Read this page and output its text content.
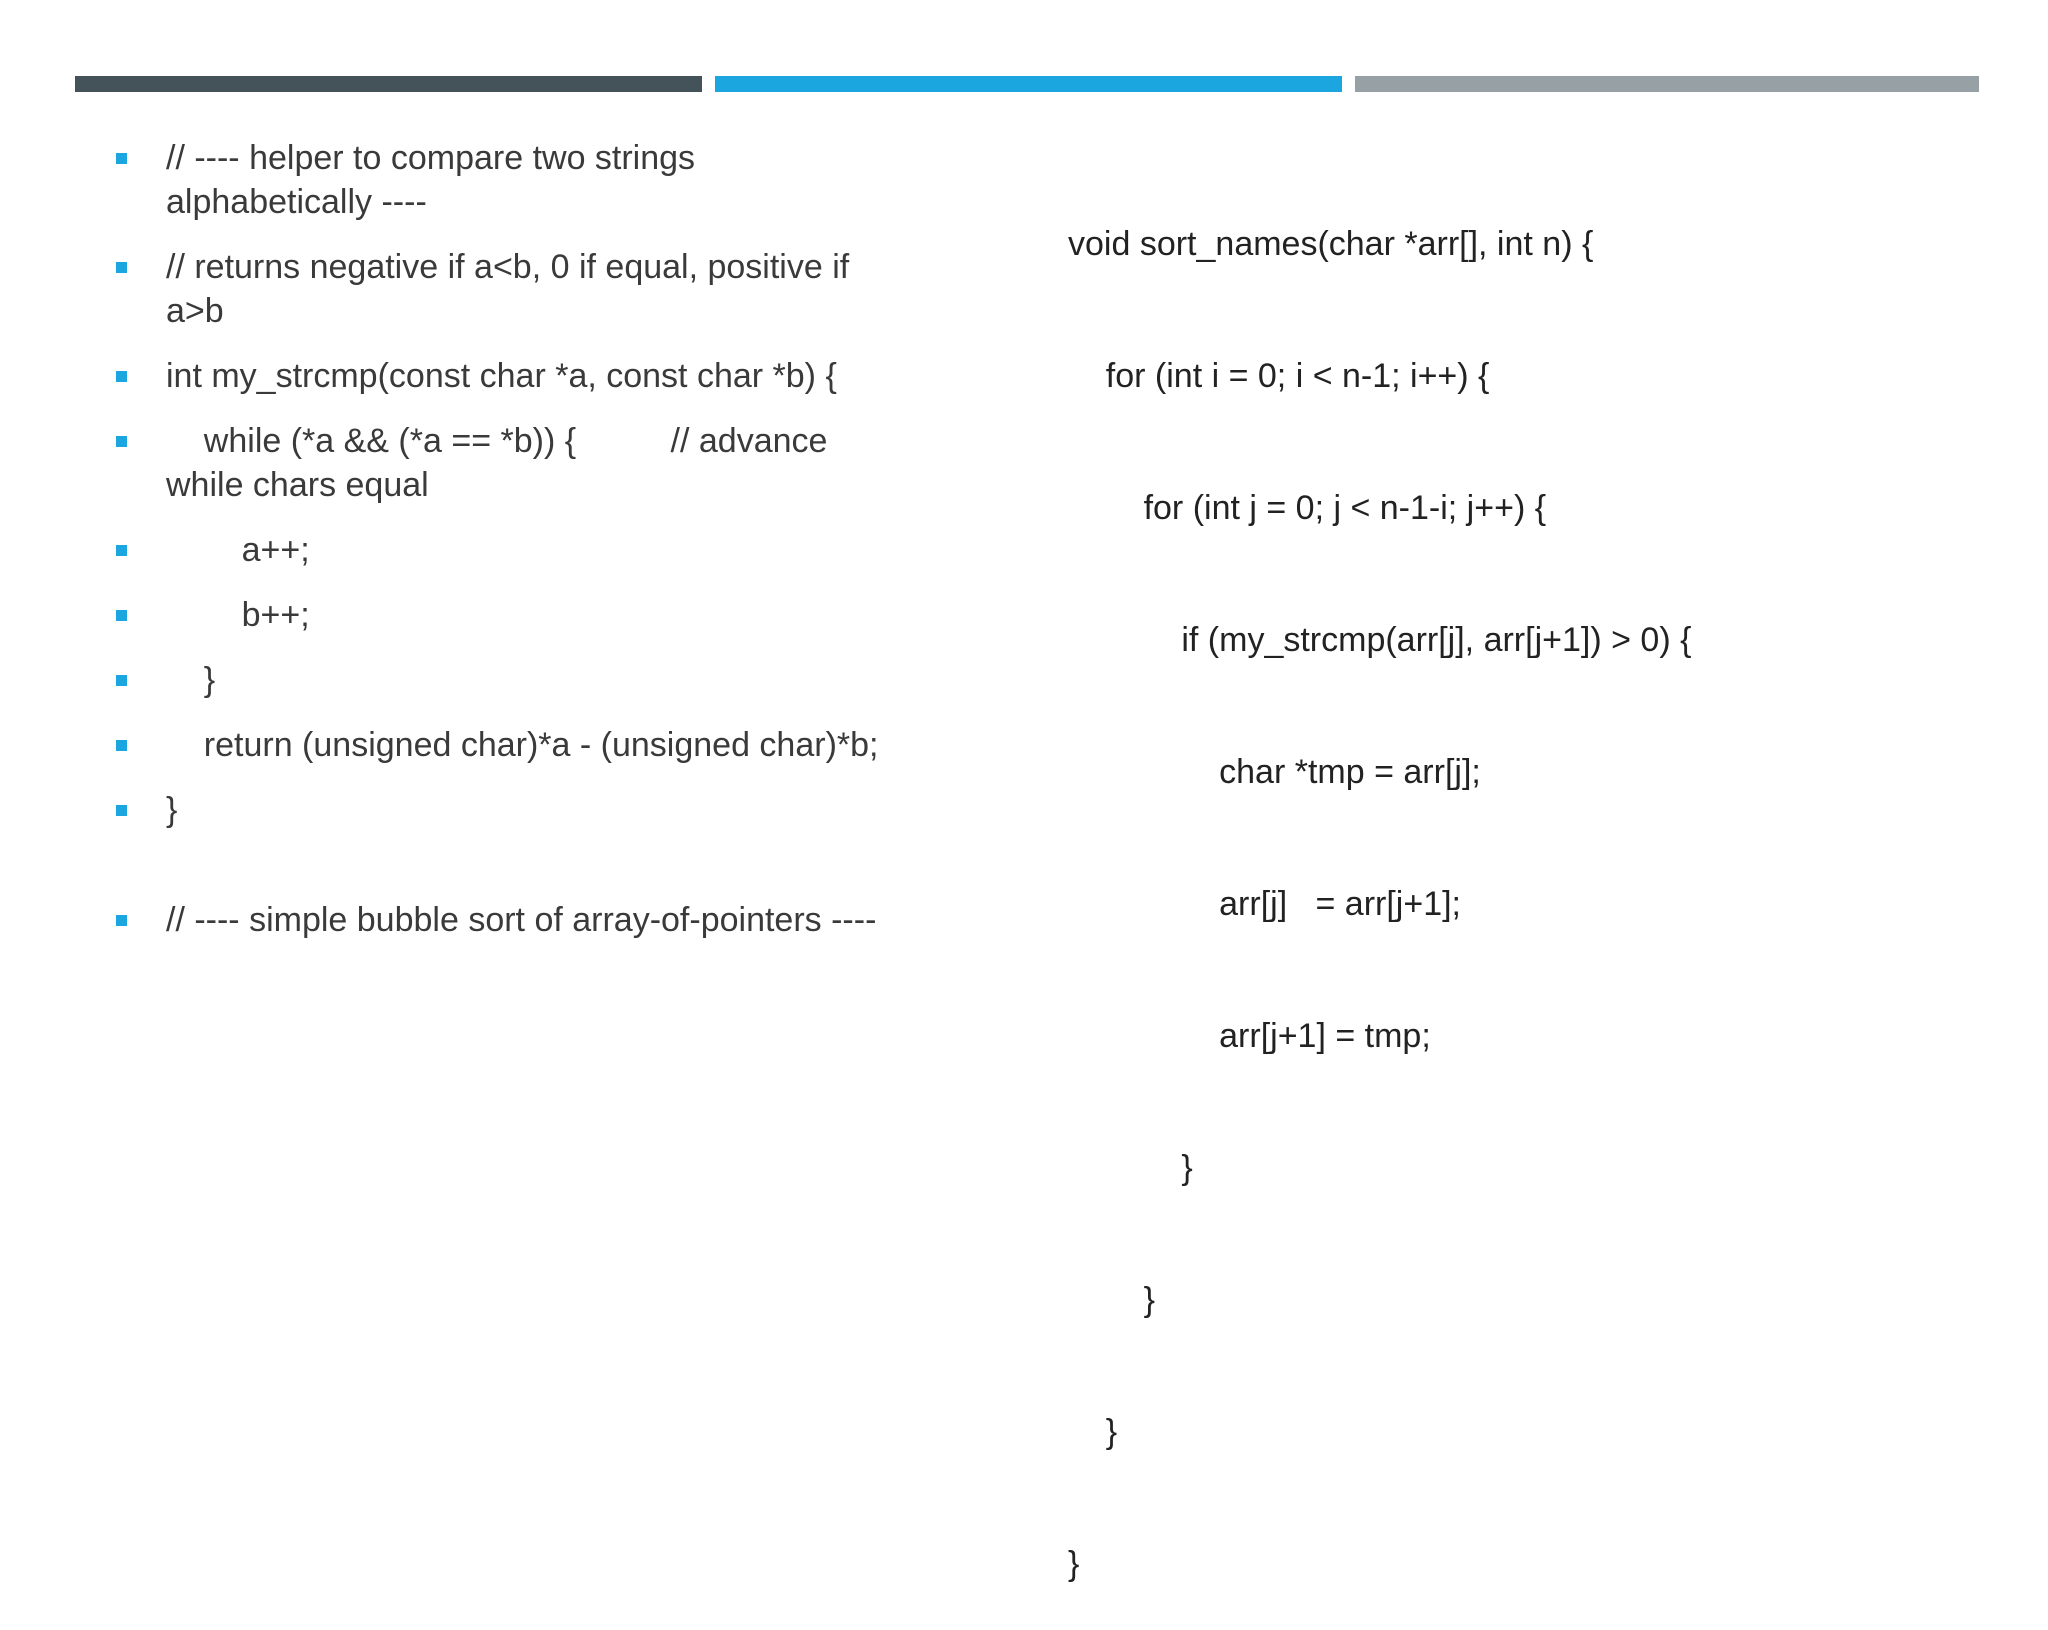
// ---- helper to compare two strings alphabetically ----
// returns negative if a<b, 0 if equal, positive if a>b
int my_strcmp(const char *a, const char *b) {
while (*a && (*a == *b)) {          // advance while chars equal
a++;
b++;
}
return (unsigned char)*a - (unsigned char)*b;
}
// ---- simple bubble sort of array-of-pointers ----

void sort_names(char *arr[], int n) {

for (int i = 0; i < n-1; i++) {

for (int j = 0; j < n-1-i; j++) {

if (my_strcmp(arr[j], arr[j+1]) > 0) {

char *tmp = arr[j];

arr[j]   = arr[j+1];

arr[j+1] = tmp;

}

}

}

}
